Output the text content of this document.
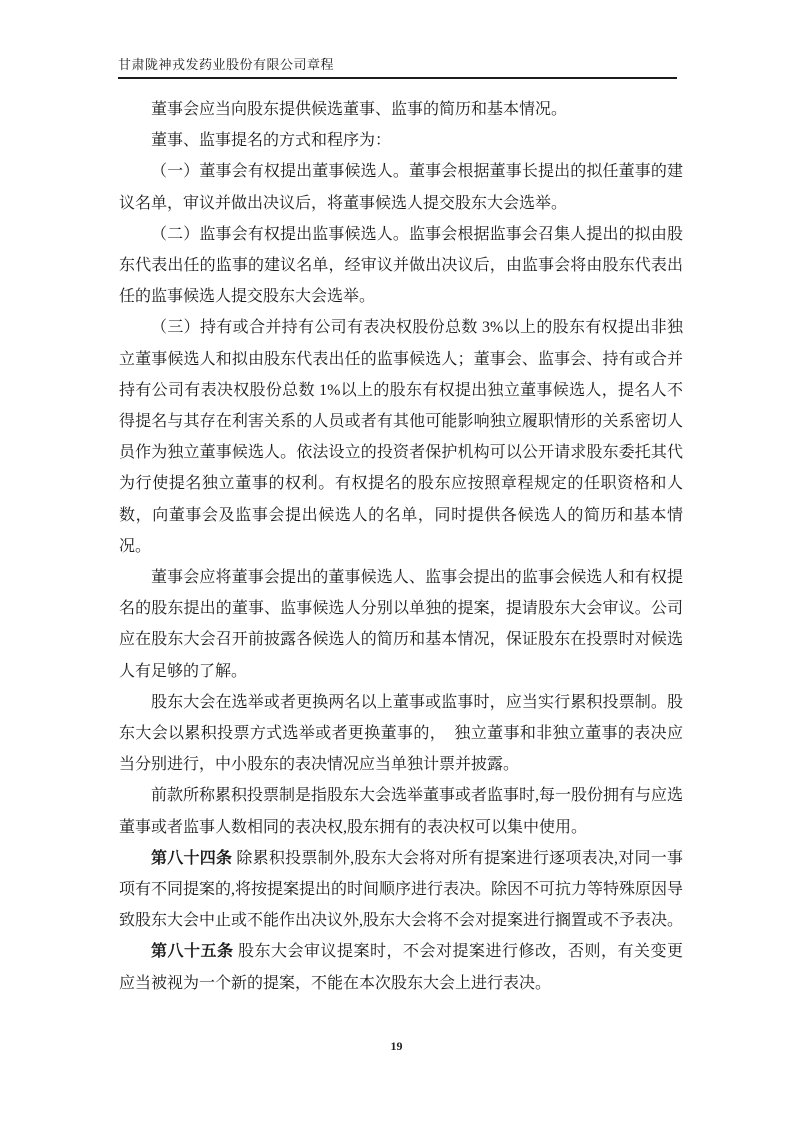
甘肃陇神戎发药业股份有限公司章程

董事会应当向股东提供候选董事、监事的简历和基本情况。

董事、监事提名的方式和程序为：

（一）董事会有权提出董事候选人。董事会根据董事长提出的拟任董事的建议名单，审议并做出决议后，将董事候选人提交股东大会选举。

（二）监事会有权提出监事候选人。监事会根据监事会召集人提出的拟由股东代表出任的监事的建议名单，经审议并做出决议后，由监事会将由股东代表出任的监事候选人提交股东大会选举。

（三）持有或合并持有公司有表决权股份总数 3%以上的股东有权提出非独立董事候选人和拟由股东代表出任的监事候选人；董事会、监事会、持有或合并持有公司有表决权股份总数 1%以上的股东有权提出独立董事候选人，提名人不得提名与其存在利害关系的人员或者有其他可能影响独立履职情形的关系密切人员作为独立董事候选人。依法设立的投资者保护机构可以公开请求股东委托其代为行使提名独立董事的权利。有权提名的股东应按照章程规定的任职资格和人数，向董事会及监事会提出候选人的名单，同时提供各候选人的简历和基本情况。

董事会应将董事会提出的董事候选人、监事会提出的监事会候选人和有权提名的股东提出的董事、监事候选人分别以单独的提案，提请股东大会审议。公司应在股东大会召开前披露各候选人的简历和基本情况，保证股东在投票时对候选人有足够的了解。

股东大会在选举或者更换两名以上董事或监事时，应当实行累积投票制。股东大会以累积投票方式选举或者更换董事的，　独立董事和非独立董事的表决应当分别进行，中小股东的表决情况应当单独计票并披露。

前款所称累积投票制是指股东大会选举董事或者监事时,每一股份拥有与应选董事或者监事人数相同的表决权,股东拥有的表决权可以集中使用。

第八十四条 除累积投票制外,股东大会将对所有提案进行逐项表决,对同一事项有不同提案的,将按提案提出的时间顺序进行表决。除因不可抗力等特殊原因导致股东大会中止或不能作出决议外,股东大会将不会对提案进行搁置或不予表决。

第八十五条 股东大会审议提案时，不会对提案进行修改，否则，有关变更应当被视为一个新的提案，不能在本次股东大会上进行表决。

19
